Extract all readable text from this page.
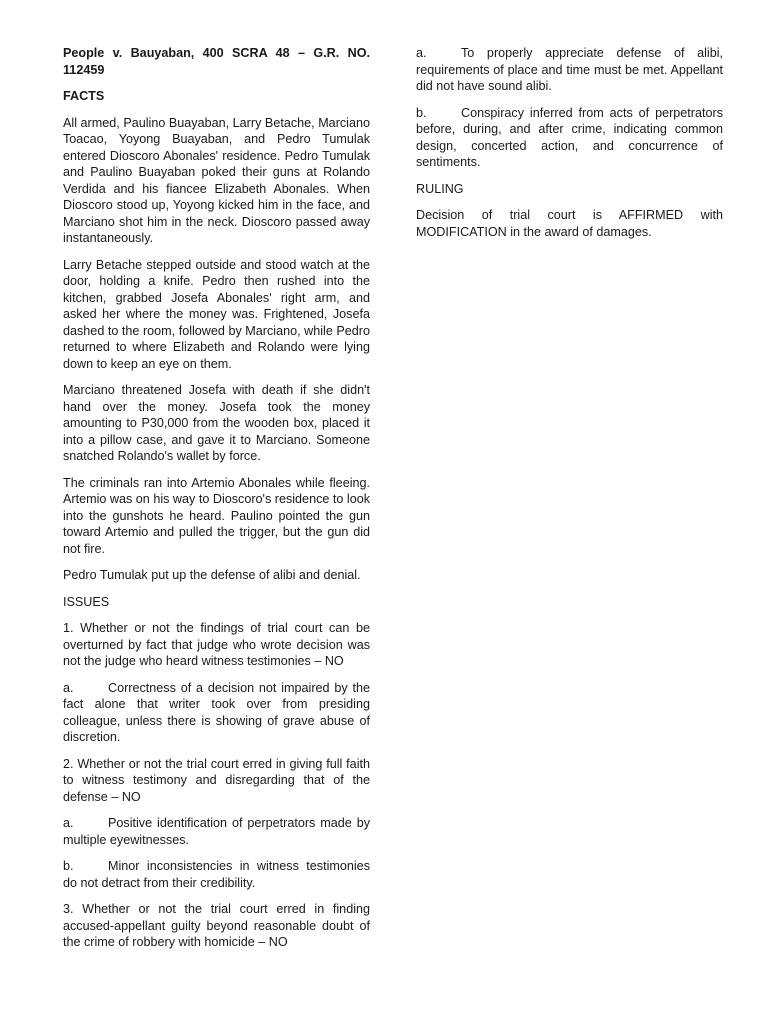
People v. Bauyaban, 400 SCRA 48 – G.R. NO. 112459

FACTS

All armed, Paulino Buayaban, Larry Betache, Marciano Toacao, Yoyong Buayaban, and Pedro Tumulak entered Dioscoro Abonales' residence. Pedro Tumulak and Paulino Buayaban poked their guns at Rolando Verdida and his fiancee Elizabeth Abonales. When Dioscoro stood up, Yoyong kicked him in the face, and Marciano shot him in the neck. Dioscoro passed away instantaneously.

Larry Betache stepped outside and stood watch at the door, holding a knife. Pedro then rushed into the kitchen, grabbed Josefa Abonales' right arm, and asked her where the money was. Frightened, Josefa dashed to the room, followed by Marciano, while Pedro returned to where Elizabeth and Rolando were lying down to keep an eye on them.

Marciano threatened Josefa with death if she didn't hand over the money. Josefa took the money amounting to P30,000 from the wooden box, placed it into a pillow case, and gave it to Marciano. Someone snatched Rolando's wallet by force.

The criminals ran into Artemio Abonales while fleeing. Artemio was on his way to Dioscoro's residence to look into the gunshots he heard. Paulino pointed the gun toward Artemio and pulled the trigger, but the gun did not fire.

Pedro Tumulak put up the defense of alibi and denial.

ISSUES

1. Whether or not the findings of trial court can be overturned by fact that judge who wrote decision was not the judge who heard witness testimonies – NO

a.	Correctness of a decision not impaired by the fact alone that writer took over from presiding colleague, unless there is showing of grave abuse of discretion.

2. Whether or not the trial court erred in giving full faith to witness testimony and disregarding that of the defense – NO

a.	Positive identification of perpetrators made by multiple eyewitnesses.

b.	Minor inconsistencies in witness testimonies do not detract from their credibility.

3. Whether or not the trial court erred in finding accused-appellant guilty beyond reasonable doubt of the crime of robbery with homicide – NO

a.	To properly appreciate defense of alibi, requirements of place and time must be met. Appellant did not have sound alibi.

b.	Conspiracy inferred from acts of perpetrators before, during, and after crime, indicating common design, concerted action, and concurrence of sentiments.

RULING

Decision of trial court is AFFIRMED with MODIFICATION in the award of damages.
